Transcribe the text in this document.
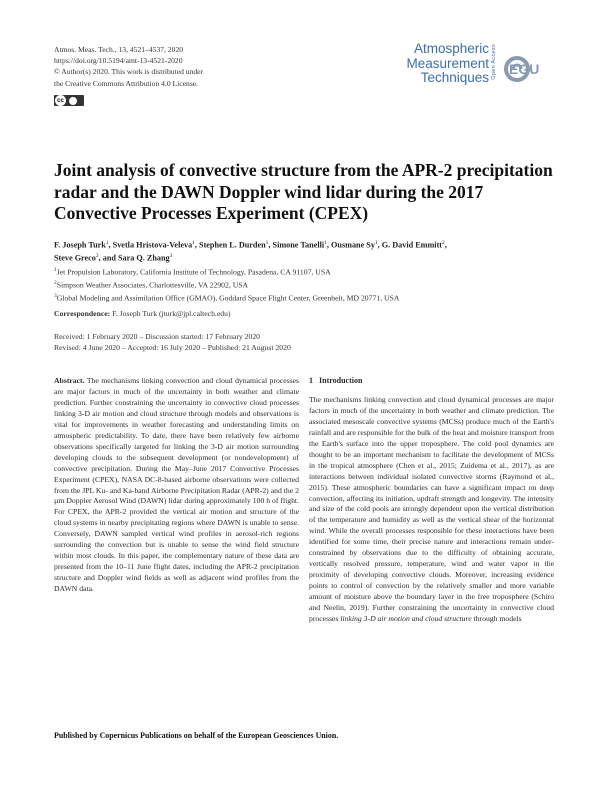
Atmos. Meas. Tech., 13, 4521–4537, 2020
https://doi.org/10.5194/amt-13-4521-2020
© Author(s) 2020. This work is distributed under
the Creative Commons Attribution 4.0 License.
cc
Atmospheric
Measurement
Techniques Open Access EGU
Joint analysis of convective structure from the APR-2 precipitation
radar and the DAWN Doppler wind lidar during the 2017
Convective Processes Experiment (CPEX)
F. Joseph Turk$^1$, Svetla Hristova-Veleva$^1$, Stephen L. Durden$^1$, Simone Tanelli$^1$, Ousmane Sy$^1$, G. David Emmitt$^2$,
Steve Greco$^2$, and Sara Q. Zhang$^3$
$^1$Jet Propulsion Laboratory, California Institute of Technology, Pasadena, CA 91107, USA
$^2$Simpson Weather Associates, Charlottesville, VA 22902, USA
$^3$Global Modeling and Assimilation Office (GMAO), Goddard Space Flight Center, Greenbelt, MD 20771, USA
Correspondence: F. Joseph Turk (jturk@jpl.caltech.edu)
Received: 1 February 2020 – Discussion started: 17 February 2020
Revised: 4 June 2020 – Accepted: 16 July 2020 – Published: 21 August 2020
Abstract. The mechanisms linking convection and cloud dynamical processes are major factors in much of the uncertainty in both weather and climate prediction. Further constraining the uncertainty in convective cloud processes linking 3-D air motion and cloud structure through models and observations is vital for improvements in weather forecasting and understanding limits on atmospheric predictability. To date, there have been relatively few airborne observations specifically targeted for linking the 3-D air motion surrounding developing clouds to the subsequent development (or nondevelopment) of convective precipitation. During the May–June 2017 Convective Processes Experiment (CPEX), NASA DC-8-based airborne observations were collected from the JPL Ku- and Ka-band Airborne Precipitation Radar (APR-2) and the 2 µm Doppler Aerosol Wind (DAWN) lidar during approximately 100 h of flight. For CPEX, the APR-2 provided the vertical air motion and structure of the cloud systems in nearby precipitating regions where DAWN is unable to sense. Conversely, DAWN sampled vertical wind profiles in aerosol-rich regions surrounding the convection but is unable to sense the wind field structure within most clouds. In this paper, the complementary nature of these data are presented from the 10–11 June flight dates, including the APR-2 precipitation structure and Doppler wind fields as well as adjacent wind profiles from the DAWN data.
1   Introduction
The mechanisms linking convection and cloud dynamical processes are major factors in much of the uncertainty in both weather and climate prediction. The associated mesoscale convective systems (MCSs) produce much of the Earth's rainfall and are responsible for the bulk of the heat and moisture transport from the Earth's surface into the upper troposphere. The cold pool dynamics are thought to be an important mechanism to facilitate the development of MCSs in the tropical atmosphere (Chen et al., 2015; Zuidema et al., 2017), as are interactions between individual isolated convective storms (Raymond et al., 2015). These atmospheric boundaries can have a significant impact on deep convection, affecting its initiation, updraft strength and longevity. The intensity and size of the cold pools are strongly dependent upon the vertical distribution of the temperature and humidity as well as the vertical shear of the horizontal wind. While the overall processes responsible for these interactions have been identified for some time, their precise nature and interactions remain under-constrained by observations due to the difficulty of obtaining accurate, vertically resolved pressure, temperature, wind and water vapor in the proximity of developing convective clouds. Moreover, increasing evidence points to control of convection by the relatively smaller and more variable amount of moisture above the boundary layer in the free troposphere (Schiro and Neelin, 2019). Further constraining the uncertainty in convective cloud processes linking 3-D air motion and cloud structure through models
Published by Copernicus Publications on behalf of the European Geosciences Union.
